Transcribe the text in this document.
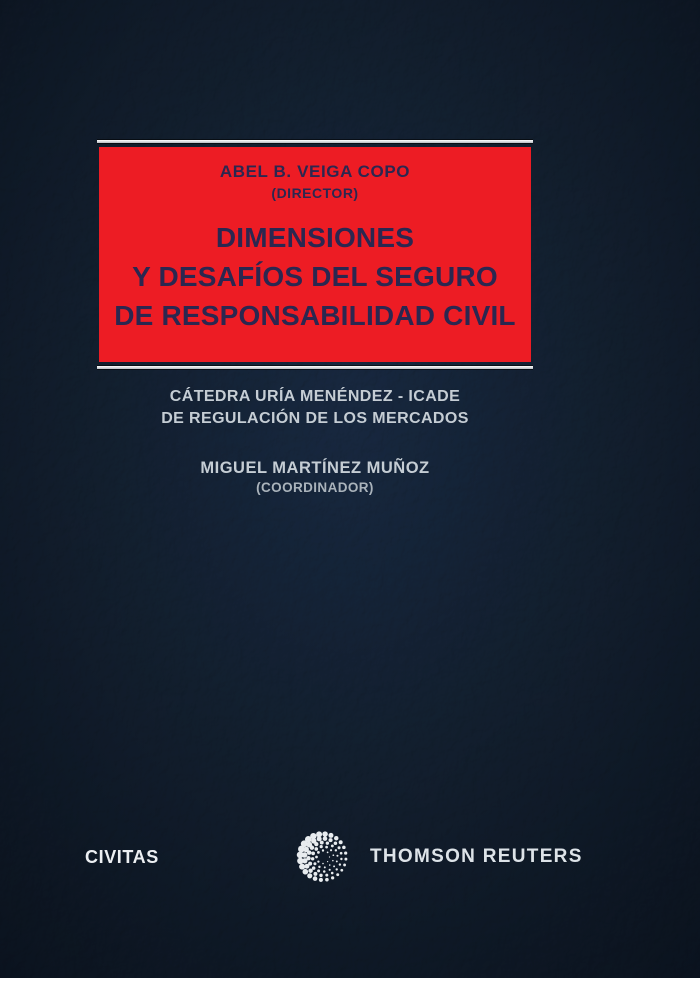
ABEL B. VEIGA COPO
(DIRECTOR)
DIMENSIONES
Y DESAFÍOS DEL SEGURO
DE RESPONSABILIDAD CIVIL
CÁTEDRA URÍA MENÉNDEZ - ICADE
DE REGULACIÓN DE LOS MERCADOS
MIGUEL MARTÍNEZ MUÑOZ
(COORDINADOR)
CIVITAS	THOMSON REUTERS
